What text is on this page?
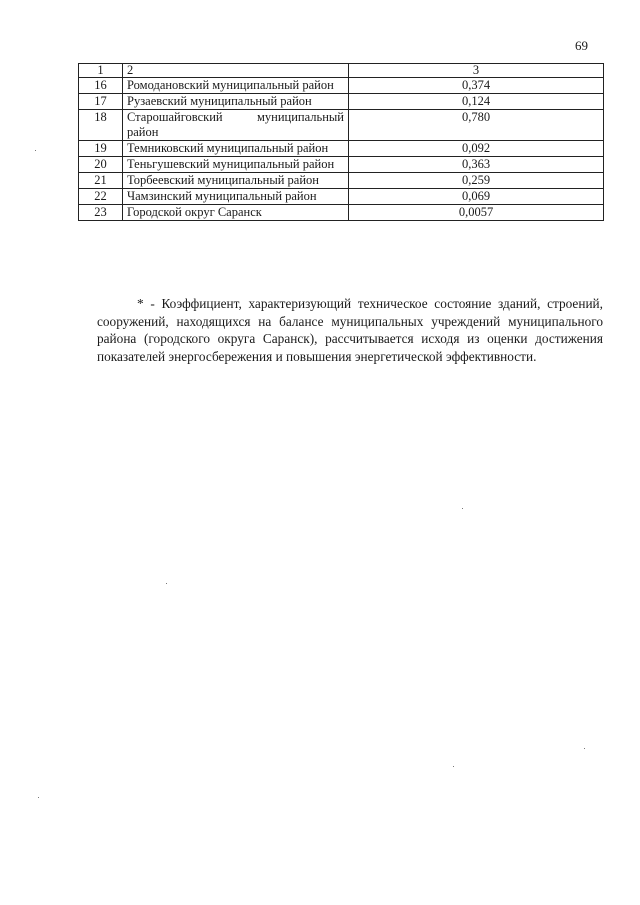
69
1	2	3
16	Ромодановский муниципальный район	0,374
17	Рузаевский муниципальный район	0,124
18	Старошайговский муниципальный район	0,780
19	Темниковский муниципальный район	0,092
20	Теньгушевский муниципальный район	0,363
21	Торбеевский муниципальный район	0,259
22	Чамзинский муниципальный район	0,069
23	Городской округ Саранск	0,0057

* - Коэффициент, характеризующий техническое состояние зданий, строений, сооружений, находящихся на балансе муниципальных учреждений муниципального района (городского округа Саранск), рассчитывается исходя из оценки достижения показателей энергосбережения и повышения энергетической эффективности.
